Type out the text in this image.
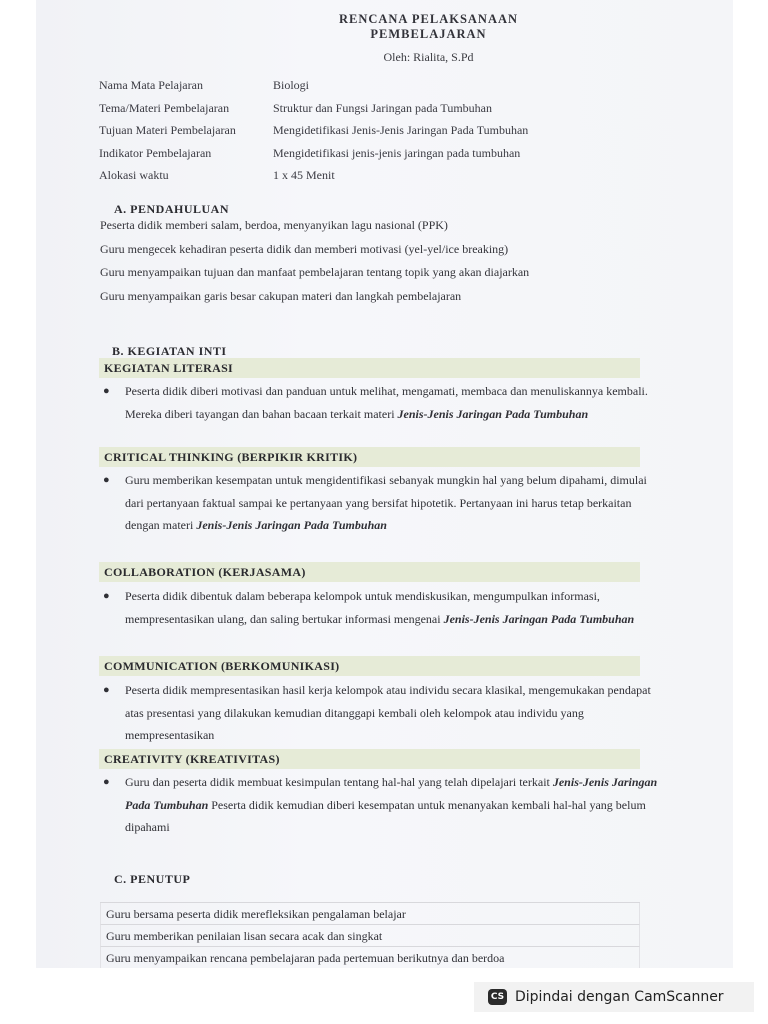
RENCANA PELAKSANAAN
PEMBELAJARAN
Oleh: Rialita, S.Pd
Nama Mata Pelajaran	Biologi
Tema/Materi Pembelajaran	Struktur dan Fungsi Jaringan pada Tumbuhan
Tujuan Materi Pembelajaran	Mengidetifikasi Jenis-Jenis Jaringan Pada Tumbuhan
Indikator Pembelajaran	Mengidetifikasi jenis-jenis jaringan pada tumbuhan
Alokasi waktu	1 x 45 Menit
A. PENDAHULUAN
Peserta didik memberi salam, berdoa, menyanyikan lagu nasional (PPK)
Guru mengecek kehadiran peserta didik dan memberi motivasi (yel-yel/ice breaking)
Guru menyampaikan tujuan dan manfaat pembelajaran tentang topik yang akan diajarkan
Guru menyampaikan garis besar cakupan materi dan langkah pembelajaran
B. KEGIATAN INTI
KEGIATAN LITERASI
● Peserta didik diberi motivasi dan panduan untuk melihat, mengamati, membaca dan menuliskannya kembali. Mereka diberi tayangan dan bahan bacaan terkait materi Jenis-Jenis Jaringan Pada Tumbuhan
CRITICAL THINKING (BERPIKIR KRITIK)
● Guru memberikan kesempatan untuk mengidentifikasi sebanyak mungkin hal yang belum dipahami, dimulai dari pertanyaan faktual sampai ke pertanyaan yang bersifat hipotetik. Pertanyaan ini harus tetap berkaitan dengan materi Jenis-Jenis Jaringan Pada Tumbuhan
COLLABORATION (KERJASAMA)
● Peserta didik dibentuk dalam beberapa kelompok untuk mendiskusikan, mengumpulkan informasi, mempresentasikan ulang, dan saling bertukar informasi mengenai Jenis-Jenis Jaringan Pada Tumbuhan
COMMUNICATION (BERKOMUNIKASI)
● Peserta didik mempresentasikan hasil kerja kelompok atau individu secara klasikal, mengemukakan pendapat atas presentasi yang dilakukan kemudian ditanggapi kembali oleh kelompok atau individu yang mempresentasikan
CREATIVITY (KREATIVITAS)
● Guru dan peserta didik membuat kesimpulan tentang hal-hal yang telah dipelajari terkait Jenis-Jenis Jaringan Pada Tumbuhan Peserta didik kemudian diberi kesempatan untuk menanyakan kembali hal-hal yang belum dipahami
C. PENUTUP
Guru bersama peserta didik merefleksikan pengalaman belajar
Guru memberikan penilaian lisan secara acak dan singkat
Guru menyampaikan rencana pembelajaran pada pertemuan berikutnya dan berdoa
CS Dipindai dengan CamScanner
